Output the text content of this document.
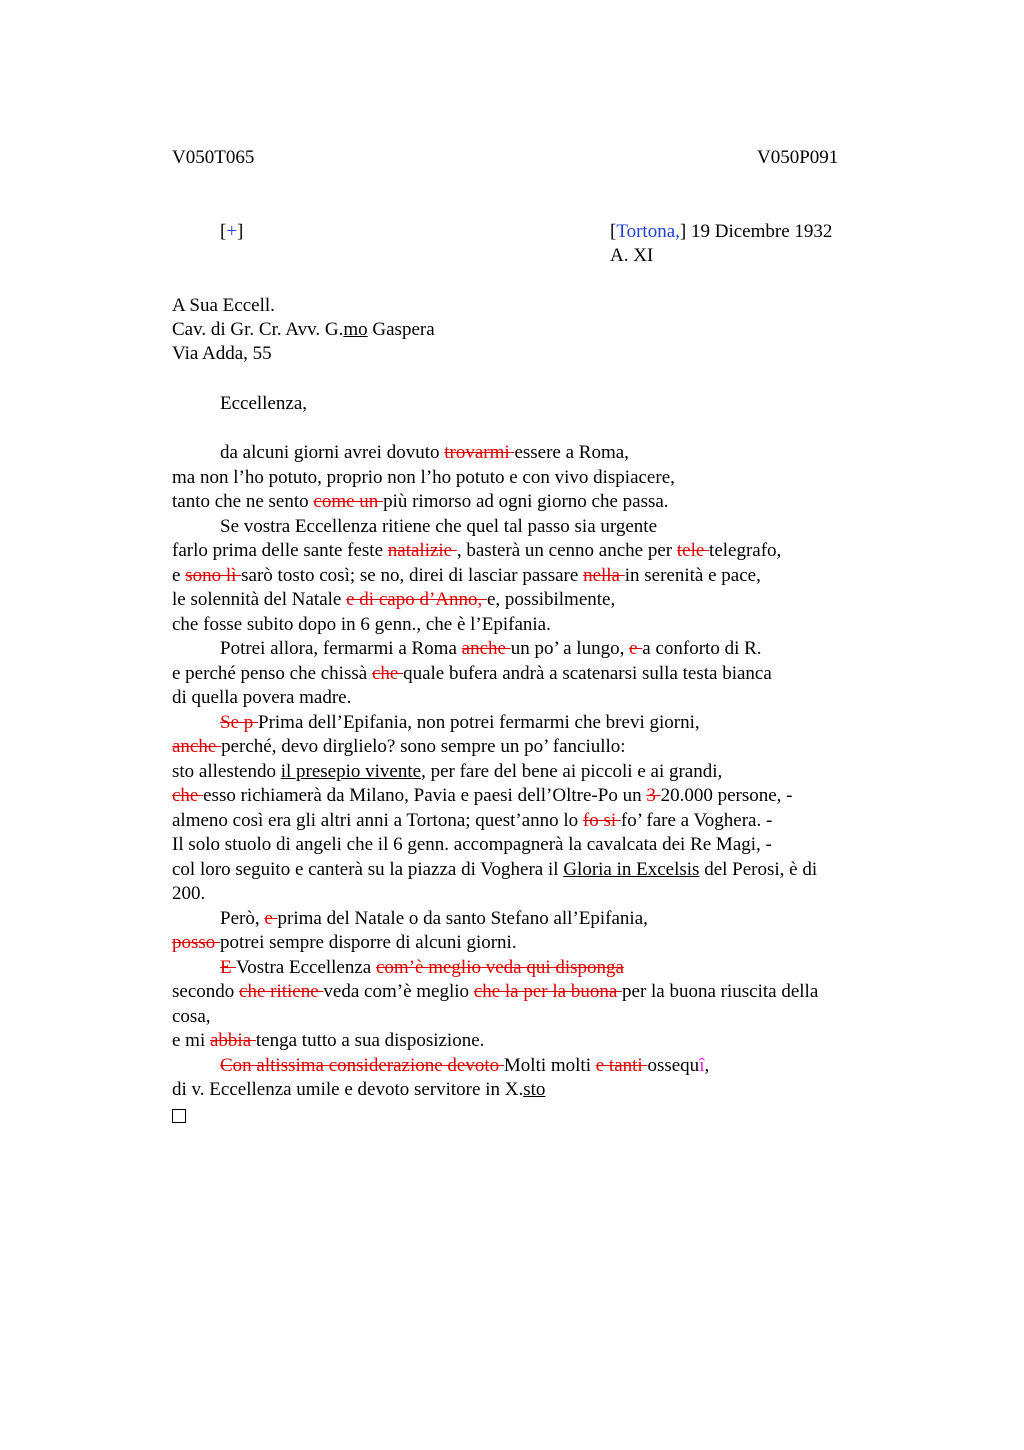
V050T065	V050P091
[+]	[Tortona,] 19 Dicembre 1932
A. XI
A Sua Eccell.
Cav. di Gr. Cr. Avv. G.mo Gaspera
Via Adda, 55
Eccellenza,
da alcuni giorni avrei dovuto trovarmi essere a Roma,
ma non l’ho potuto, proprio non l’ho potuto e con vivo dispiacere,
tanto che ne sento come un più rimorso ad ogni giorno che passa.
Se vostra Eccellenza ritiene che quel tal passo sia urgente
farlo prima delle sante feste natalizie , basterà un cenno anche per tele telegrafo,
e sono lì sarò tosto così; se no, direi di lasciar passare nella in serenità e pace,
le solennità del Natale e di capo d’Anno, e, possibilmente,
che fosse subito dopo in 6 genn., che è l’Epifania.
Potrei allora, fermarmi a Roma anche un po’ a lungo, e a conforto di R.
e perché penso che chissà che quale bufera andrà a scatenarsi sulla testa bianca
di quella povera madre.
Se p Prima dell’Epifania, non potrei fermarmi che brevi giorni,
anche perché, devo dirglielo? sono sempre un po’ fanciullo:
sto allestendo il presepio vivente, per fare del bene ai piccoli e ai grandi,
che esso richiamerà da Milano, Pavia e paesi dell’Oltre-Po un 3 20.000 persone, -
almeno così era gli altri anni a Tortona; quest’anno lo fo si fo’ fare a Voghera. -
Il solo stuolo di angeli che il 6 genn. accompagnerà la cavalcata dei Re Magi, -
col loro seguito e canterà su la piazza di Voghera il Gloria in Excelsis del Perosi, è di
200.
Però, e prima del Natale o da santo Stefano all’Epifania,
posso potrei sempre disporre di alcuni giorni.
E Vostra Eccellenza com’è meglio veda qui disponga
secondo che ritiene veda com’è meglio che la per la buona per la buona riuscita della
cosa,
e mi abbia tenga tutto a sua disposizione.
Con altissima considerazione devoto Molti molti e tanti ossequî,
di v. Eccellenza umile e devoto servitore in X.sto
